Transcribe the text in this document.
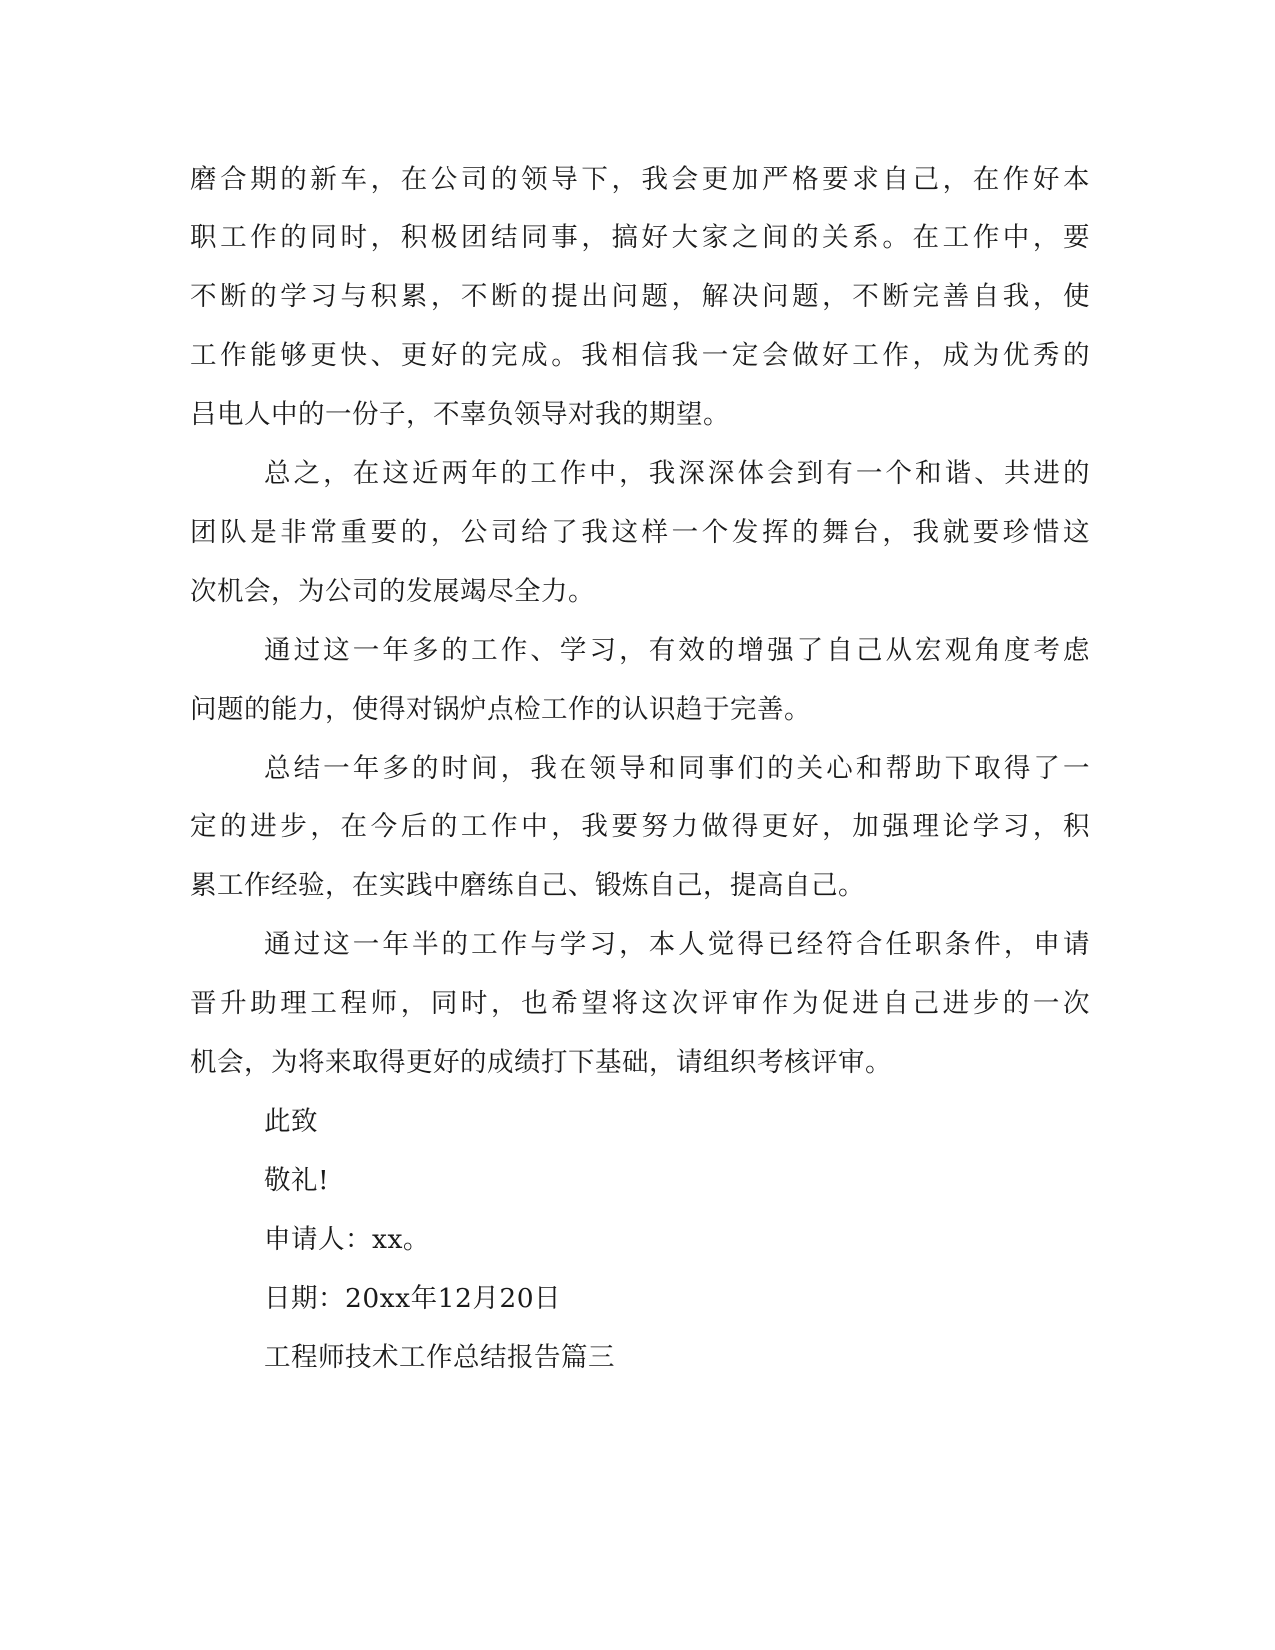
磨合期的新车，在公司的领导下，我会更加严格要求自己，在作好本
职工作的同时，积极团结同事，搞好大家之间的关系。在工作中，要
不断的学习与积累，不断的提出问题，解决问题，不断完善自我，使
工作能够更快、更好的完成。我相信我一定会做好工作，成为优秀的
吕电人中的一份子，不辜负领导对我的期望。
总之，在这近两年的工作中，我深深体会到有一个和谐、共进的
团队是非常重要的，公司给了我这样一个发挥的舞台，我就要珍惜这
次机会，为公司的发展竭尽全力。
通过这一年多的工作、学习，有效的增强了自己从宏观角度考虑
问题的能力，使得对锅炉点检工作的认识趋于完善。
总结一年多的时间，我在领导和同事们的关心和帮助下取得了一
定的进步，在今后的工作中，我要努力做得更好，加强理论学习，积
累工作经验，在实践中磨练自己、锻炼自己，提高自己。
通过这一年半的工作与学习，本人觉得已经符合任职条件，申请
晋升助理工程师，同时，也希望将这次评审作为促进自己进步的一次
机会，为将来取得更好的成绩打下基础，请组织考核评审。
此致
敬礼!
申请人：xx。
日期：20xx年12月20日
工程师技术工作总结报告篇三
